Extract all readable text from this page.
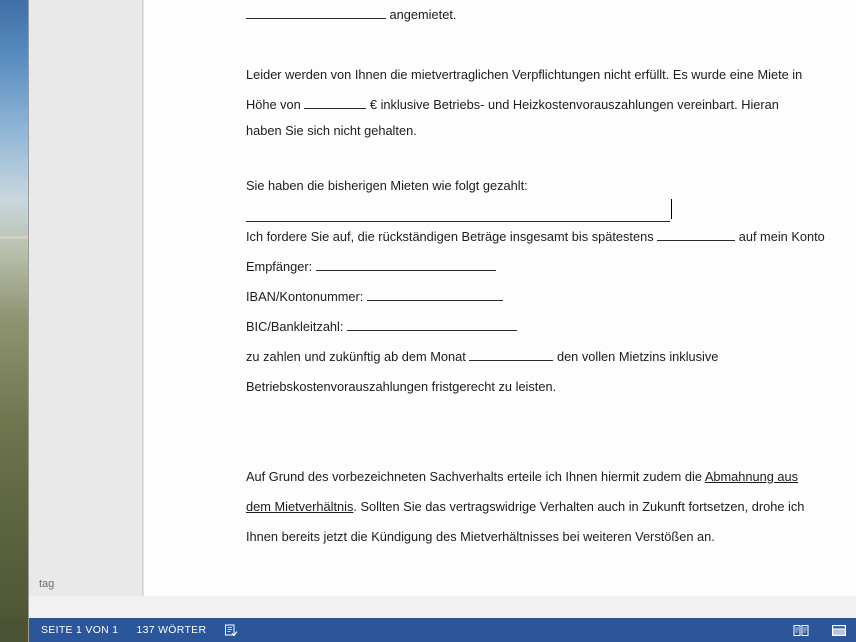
tag

angemietet.

Leider werden von Ihnen die mietvertraglichen Verpflichtungen nicht erfüllt. Es wurde eine Miete in

Höhe von	€ inklusive Betriebs- und Heizkostenvorauszahlungen vereinbart. Hieran

haben Sie sich nicht gehalten.

Sie haben die bisherigen Mieten wie folgt gezahlt:

Ich fordere Sie auf, die rückständigen Beträge insgesamt bis spätestens	auf mein Konto

Empfänger:

IBAN/Kontonummer:

BIC/Bankleitzahl:

zu zahlen und zukünftig ab dem Monat	den vollen Mietzins inklusive

Betriebskostenvorauszahlungen fristgerecht zu leisten.

Auf Grund des vorbezeichneten Sachverhalts erteile ich Ihnen hiermit zudem die Abmahnung aus

dem Mietverhältnis. Sollten Sie das vertragswidrige Verhalten auch in Zukunft fortsetzen, drohe ich

Ihnen bereits jetzt die Kündigung des Mietverhältnisses bei weiteren Verstößen an.

SEITE 1 VON 1 137 WÖRTER
